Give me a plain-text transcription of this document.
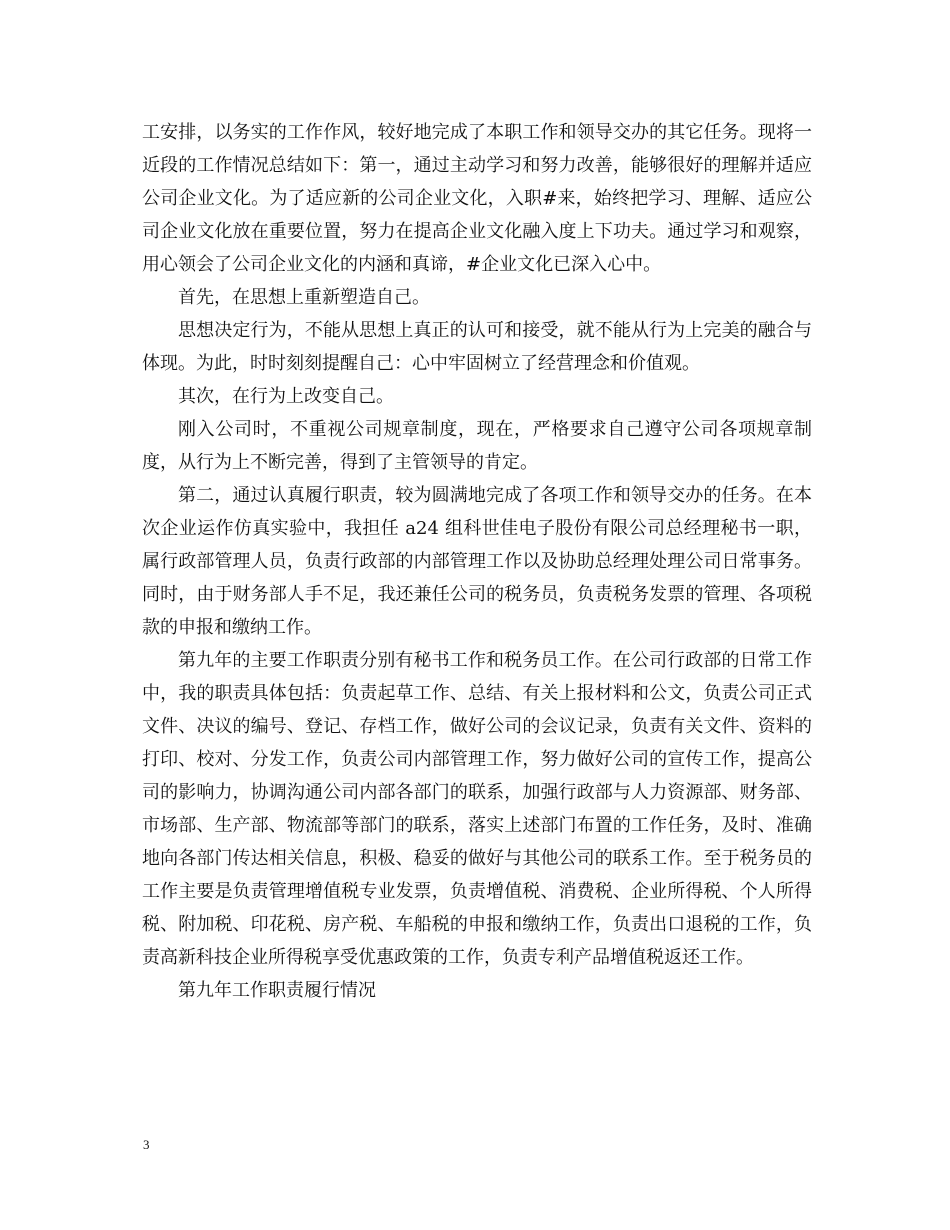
工安排，以务实的工作作风，较好地完成了本职工作和领导交办的其它任务。现将一近段的工作情况总结如下：第一，通过主动学习和努力改善，能够很好的理解并适应公司企业文化。为了适应新的公司企业文化，入职#来，始终把学习、理解、适应公司企业文化放在重要位置，努力在提高企业文化融入度上下功夫。通过学习和观察，用心领会了公司企业文化的内涵和真谛，#企业文化已深入心中。

首先，在思想上重新塑造自己。

思想决定行为，不能从思想上真正的认可和接受，就不能从行为上完美的融合与体现。为此，时时刻刻提醒自己：心中牢固树立了经营理念和价值观。

其次，在行为上改变自己。

刚入公司时，不重视公司规章制度，现在，严格要求自己遵守公司各项规章制度，从行为上不断完善，得到了主管领导的肯定。

第二，通过认真履行职责，较为圆满地完成了各项工作和领导交办的任务。在本次企业运作仿真实验中，我担任 a24 组科世佳电子股份有限公司总经理秘书一职，属行政部管理人员，负责行政部的内部管理工作以及协助总经理处理公司日常事务。同时，由于财务部人手不足，我还兼任公司的税务员，负责税务发票的管理、各项税款的申报和缴纳工作。

第九年的主要工作职责分别有秘书工作和税务员工作。在公司行政部的日常工作中，我的职责具体包括：负责起草工作、总结、有关上报材料和公文，负责公司正式文件、决议的编号、登记、存档工作，做好公司的会议记录，负责有关文件、资料的打印、校对、分发工作，负责公司内部管理工作，努力做好公司的宣传工作，提高公司的影响力，协调沟通公司内部各部门的联系，加强行政部与人力资源部、财务部、市场部、生产部、物流部等部门的联系，落实上述部门布置的工作任务，及时、准确地向各部门传达相关信息，积极、稳妥的做好与其他公司的联系工作。至于税务员的工作主要是负责管理增值税专业发票，负责增值税、消费税、企业所得税、个人所得税、附加税、印花税、房产税、车船税的申报和缴纳工作，负责出口退税的工作，负责高新科技企业所得税享受优惠政策的工作，负责专利产品增值税返还工作。

第九年工作职责履行情况

3
